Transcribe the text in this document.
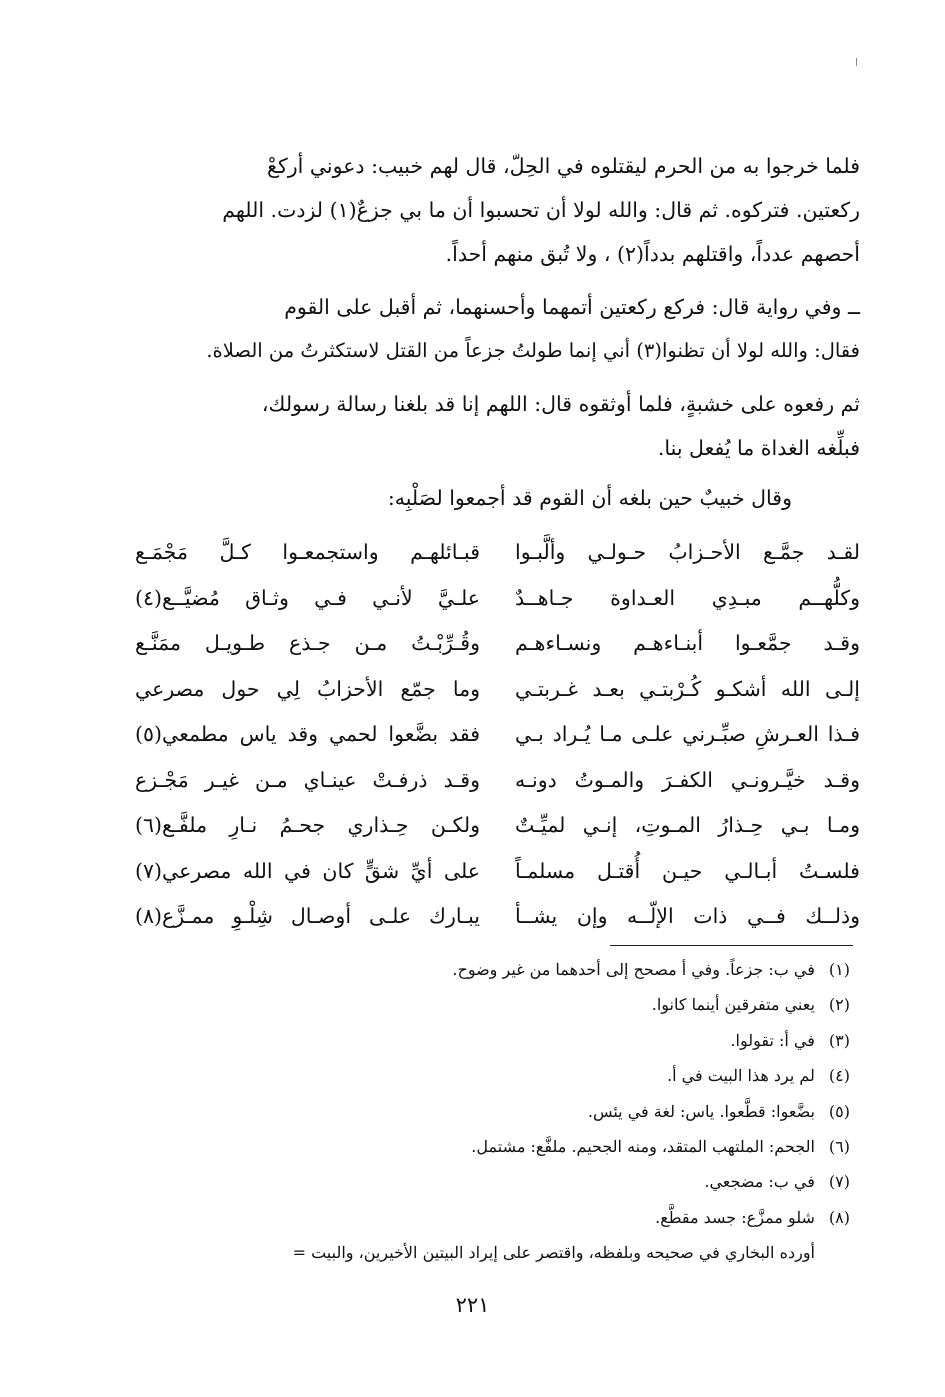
فلما خرجوا به من الحرم ليقتلوه في الحِلّ، قال لهم خبيب: دعوني أركعْ
ركعتين. فتركوه. ثم قال: والله لولا أن تحسبوا أن ما بي جزعٌ(١) لزدت. اللهم
أحصهم عدداً، واقتلهم بدداً(٢) ، ولا تُبق منهم أحداً.
ــ وفي رواية قال: فركع ركعتين أتمهما وأحسنهما، ثم أقبل على القوم
فقال: والله لولا أن تظنوا(٣) أني إنما طولتُ جزعاً من القتل لاستكثرتُ من الصلاة.
ثم رفعوه على خشبةٍ، فلما أوثقوه قال: اللهم إنا قد بلغنا رسالة رسولك،
فبلِّغه الغداة ما يُفعل بنا.
وقال خبيبٌ حين بلغه أن القوم قد أجمعوا لصَلْبِه:
لقـد جمَّـع الأحـزابُ حـولـي وألَّبـوا
وكلُّهــم مبـدِي العـداوة جـاهــدٌ
وقـد جمَّعـوا أبنـاءهـم ونسـاءهـم
إلـى الله أشكـو كُـرْبتـي بعـد غـربتـي
فـذا العـرشِ صبِّـرني علـى مـا يُـراد بـي
وقـد خيَّـرونـي الكفـرَ والمـوتُ دونـه
ومـا بـي حِـذارُ المـوتِ، إنـي لميِّـتٌ
فلسـتُ أبـالـي حيـن أُقتـل مسلمـاً
وذلــك فــي ذات الإلّــه وإن يشــأ
قبـائلهـم واستجمعـوا كـلَّ مَجْمَـع
علـيَّ لأنـي فـي وثـاق مُضيَّــع(٤)
وقُـرِّبْـتُ مـن جـذع طـويـل ممَنَّـع
وما جمّع الأحزابُ لِي حول مصرعي
فقد بضَّعوا لحمي وقد ياس مطمعي(٥)
وقـد ذرفـتْ عينـاي مـن غيـر مَجْـزع
ولكـن حِـذاري جحـمُ نـارِ ملفَّـع(٦)
على أيِّ شقٍّ كان في الله مصرعي(٧)
يبـارك علـى أوصـال شِلْـوِ ممـزَّع(٨)
(١) في ب: جزعاً. وفي أ مصحح إلى أحدهما من غير وضوح.
(٢) يعني متفرقين أينما كانوا.
(٣) في أ: تقولوا.
(٤) لم يرد هذا البيت في أ.
(٥) بضَّعوا: قطَّعوا. ياس: لغة في يئس.
(٦) الجحم: الملتهب المتقد، ومنه الجحيم. ملفَّع: مشتمل.
(٧) في ب: مضجعي.
(٨) شلو ممزَّع: جسد مقطَّع.
أورده البخاري في صحيحه وبلفظه، واقتصر على إيراد البيتين الأخيرين، والبيت =
٢٢١
